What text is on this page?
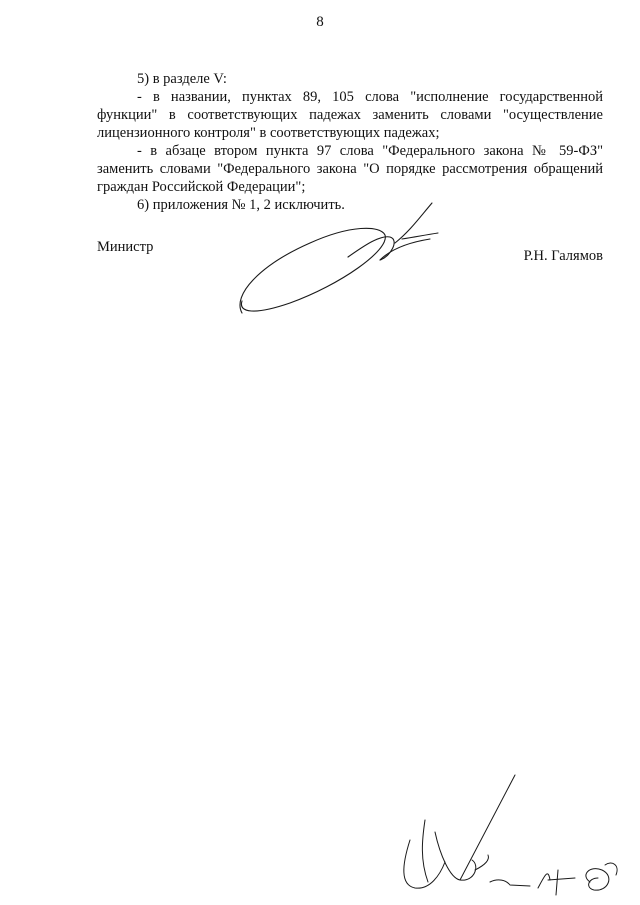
8

5) в разделе V:

- в названии, пунктах 89, 105 слова "исполнение государственной функции" в соответствующих падежах заменить словами "осуществление лицензионного контроля" в соответствующих падежах;

- в абзаце втором пункта 97 слова "Федерального закона № 59-ФЗ" заменить словами "Федерального закона "О порядке рассмотрения обращений граждан Российской Федерации";

6) приложения № 1, 2 исключить.

Министр
Р.Н. Галямов
